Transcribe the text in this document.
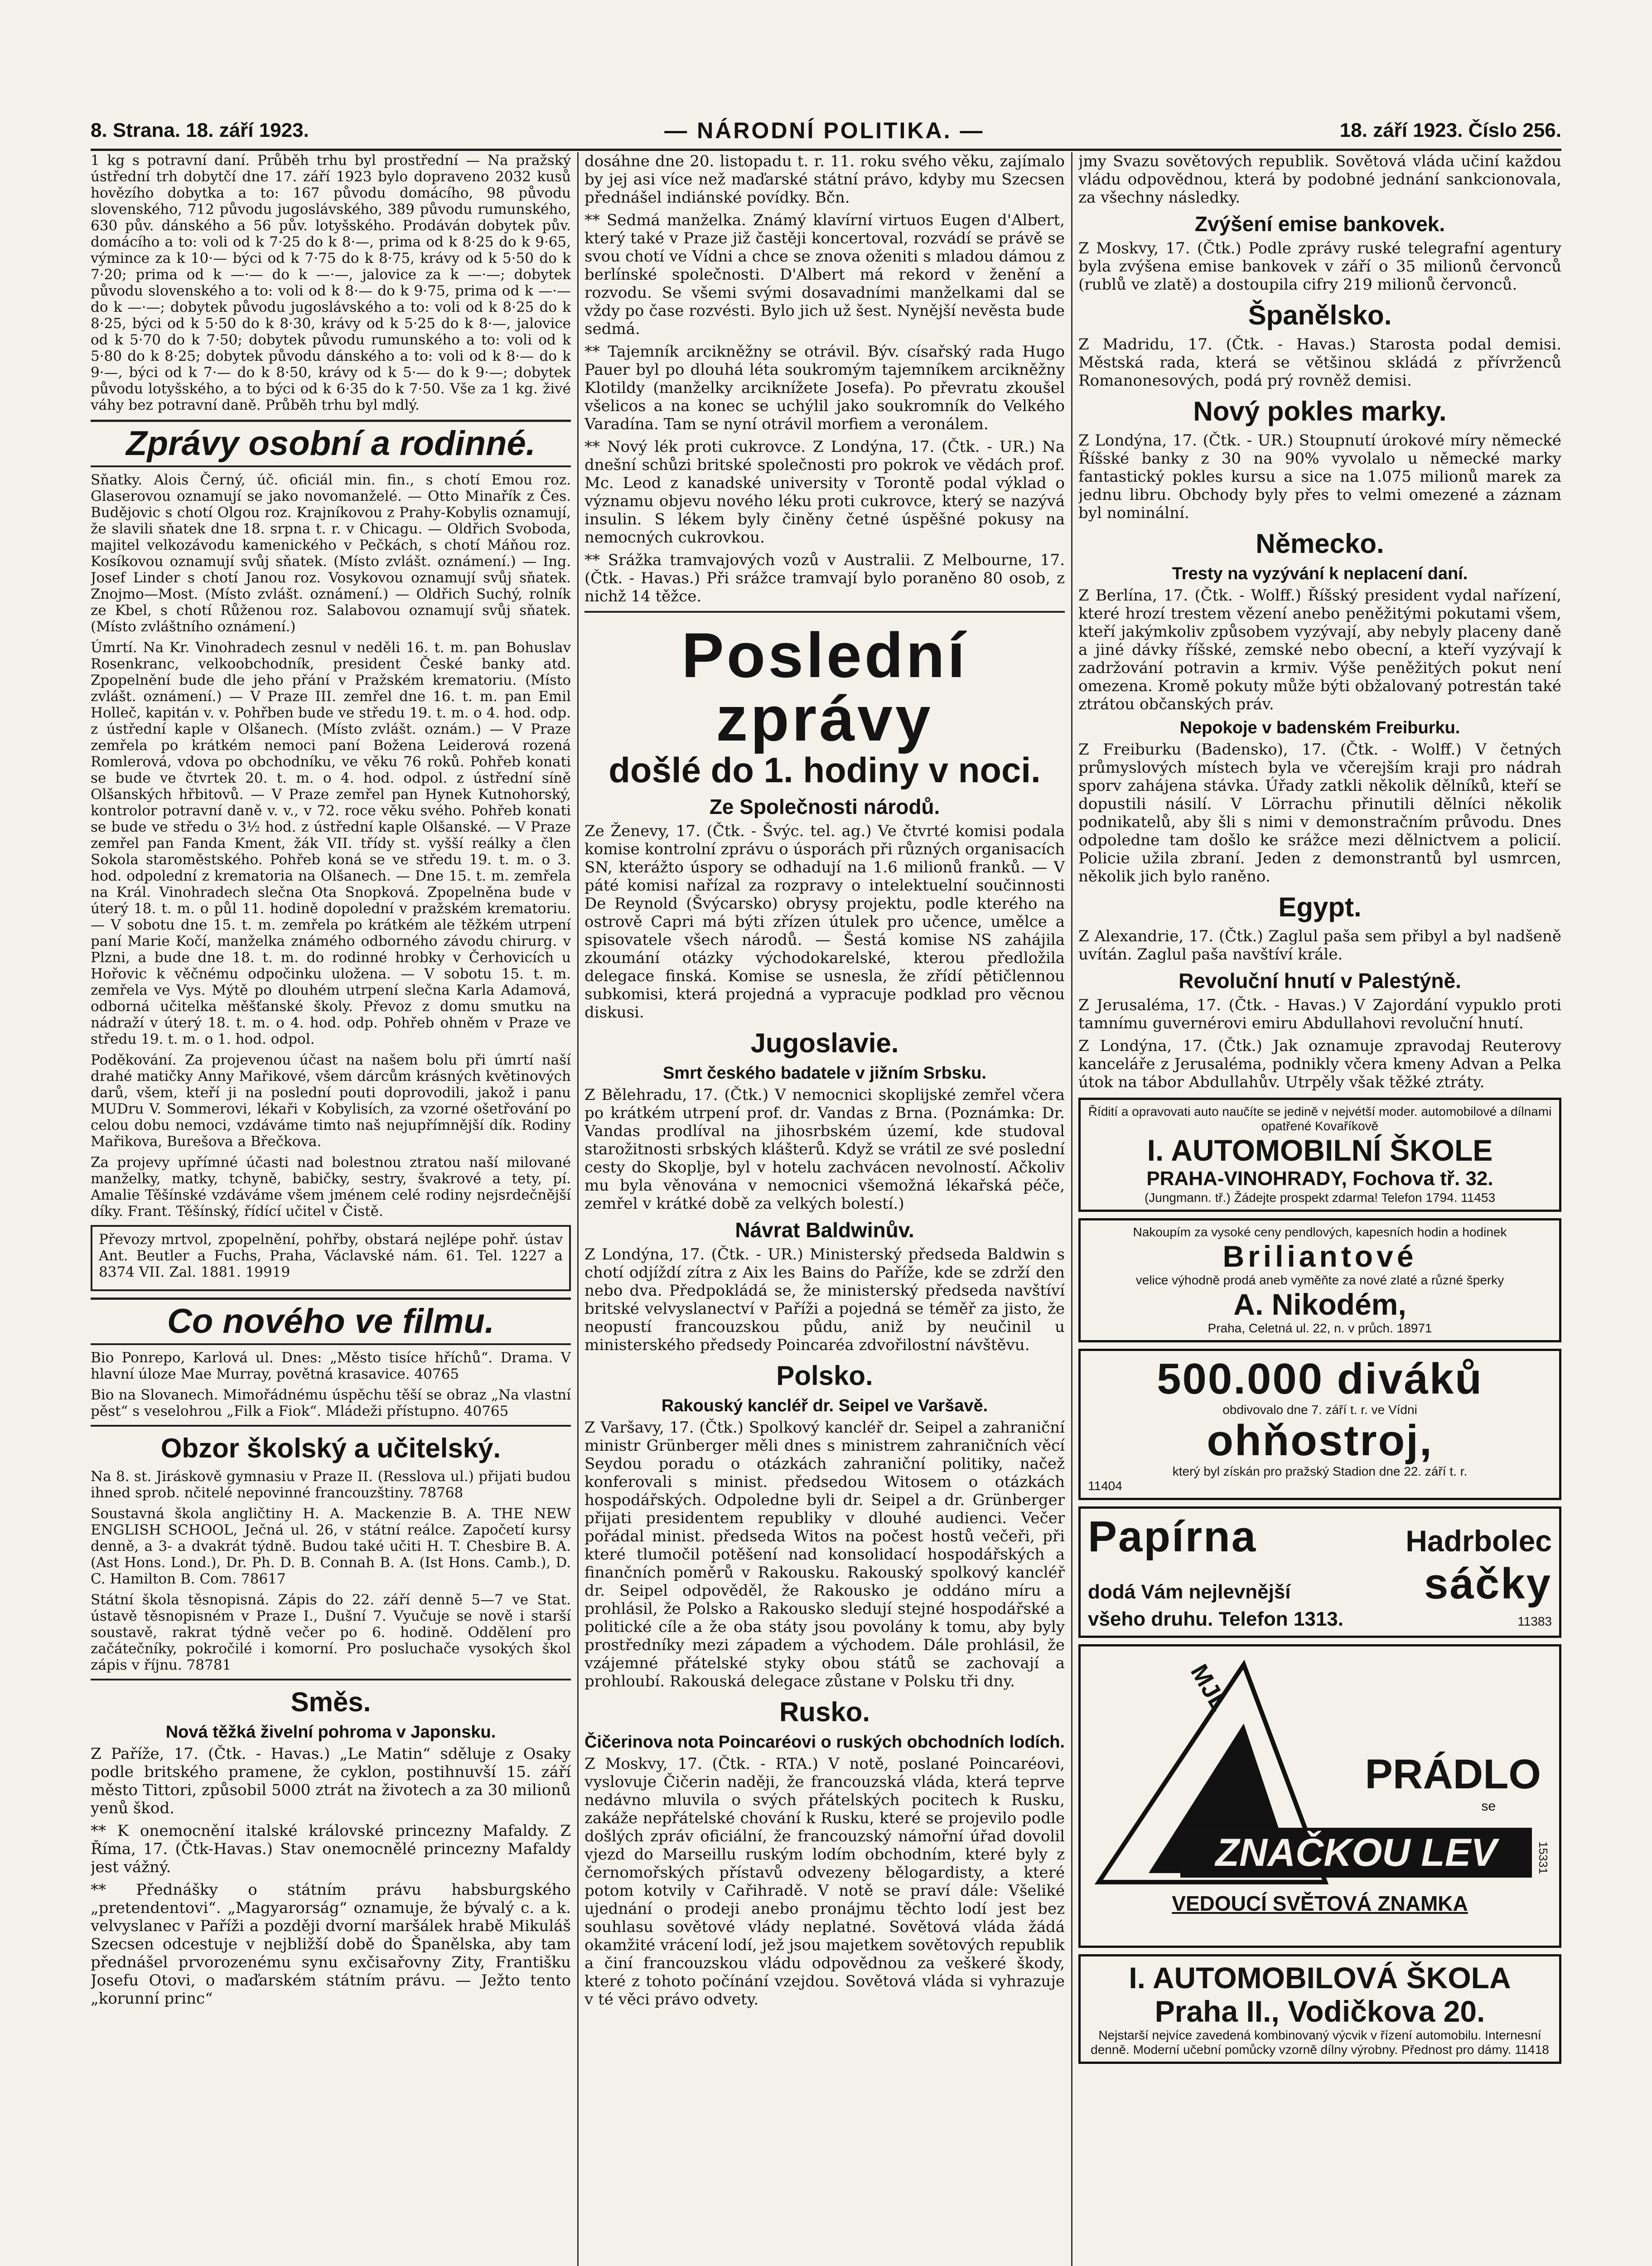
8. Strana. 18. září 1923.	— NÁRODNÍ POLITIKA. —	18. září 1923. Číslo 256.

1 kg s potravní daní. Průběh trhu byl prostřední — Na pražský ústřední trh dobytčí dne 17. září 1923 bylo dopraveno 2032 kusů hovězího dobytka a to: 167 původu domácího, 98 původu slovenského, 712 původu jugoslávského, 389 původu rumunského, 630 pův. dánského a 56 pův. lotyšského. Prodáván dobytek pův. domácího a to: voli od k 7·25 do k 8·—, prima od k 8·25 do k 9·65, výmince za k 10·— býci od k 7·75 do k 8·75, krávy od k 5·50 do k 7·20; prima od k —·— do k —·—, jalovice za k —·—; dobytek původu slovenského a to: voli od k 8·— do k 9·75, prima od k —·— do k —·—; dobytek původu jugoslávského a to: voli od k 8·25 do k 8·25, býci od k 5·50 do k 8·30, krávy od k 5·25 do k 8·—, jalovice od k 5·70 do k 7·50; dobytek původu rumunského a to: voli od k 5·80 do k 8·25; dobytek původu dánského a to: voli od k 8·— do k 9·—, býci od k 7·— do k 8·50, krávy od k 5·— do k 9·—; dobytek původu lotyšského, a to býci od k 6·35 do k 7·50. Vše za 1 kg. živé váhy bez potravní daně. Průběh trhu byl mdlý.

Zprávy osobní a rodinné.

Sňatky. Alois Černý, úč. oficiál min. fin., s chotí Emou roz. Glaserovou oznamují se jako novomanželé. — Otto Minařík z Čes. Budějovic s chotí Olgou roz. Krajníkovou z Prahy-Kobylis oznamují, že slavili sňatek dne 18. srpna t. r. v Chicagu. — Oldřich Svoboda, majitel velkozávodu kamenického v Pečkách, s chotí Máňou roz. Kosíkovou oznamují svůj sňatek. (Místo zvlášt. oznámení.) — Ing. Josef Linder s chotí Janou roz. Vosykovou oznamují svůj sňatek. Znojmo—Most. (Místo zvlášt. oznámení.) — Oldřich Suchý, rolník ze Kbel, s chotí Růženou roz. Salabovou oznamují svůj sňatek. (Místo zvláštního oznámení.)

Úmrtí. Na Kr. Vinohradech zesnul v neděli 16. t. m. pan Bohuslav Rosenkranc, velkoobchodník, president České banky atd. Zpopelnění bude dle jeho přání v Pražském krematoriu. (Místo zvlášt. oznámení.) — V Praze III. zemřel dne 16. t. m. pan Emil Holleč, kapitán v. v. Pohřben bude ve středu 19. t. m. o 4. hod. odp. z ústřední kaple v Olšanech. (Místo zvlášt. oznám.) — V Praze zemřela po krátkém nemoci paní Božena Leiderová rozená Romlerová, vdova po obchodníku, ve věku 76 roků. Pohřeb konati se bude ve čtvrtek 20. t. m. o 4. hod. odpol. z ústřední síně Olšanských hřbitovů. — V Praze zemřel pan Hynek Kutnohorský, kontrolor potravní daně v. v., v 72. roce věku svého. Pohřeb konati se bude ve středu o 3½ hod. z ústřední kaple Olšanské. — V Praze zemřel pan Fanda Kment, žák VII. třídy st. vyšší reálky a člen Sokola staroměstského. Pohřeb koná se ve středu 19. t. m. o 3. hod. odpolední z krematoria na Olšanech. — Dne 15. t. m. zemřela na Král. Vinohradech slečna Ota Snopková. Zpopelněna bude v úterý 18. t. m. o půl 11. hodině dopolední v pražském krematoriu. — V sobotu dne 15. t. m. zemřela po krátkém ale těžkém utrpení paní Marie Kočí, manželka známého odborného závodu chirurg. v Plzni, a bude dne 18. t. m. do rodinné hrobky v Čerhovicích u Hořovic k věčnému odpočinku uložena. — V sobotu 15. t. m. zemřela ve Vys. Mýtě po dlouhém utrpení slečna Karla Adamová, odborná učitelka měšťanské školy. Převoz z domu smutku na nádraží v úterý 18. t. m. o 4. hod. odp. Pohřeb ohněm v Praze ve středu 19. t. m. o 1. hod. odpol.

Poděkování. Za projevenou účast na našem bolu při úmrtí naší drahé matičky Anny Mařikové, všem dárcům krásných květinových darů, všem, kteří ji na poslední pouti doprovodili, jakož i panu MUDru V. Sommerovi, lékaři v Kobylisích, za vzorné ošetřování po celou dobu nemoci, vzdáváme timto naš nejupřímnější dík. Rodiny Mařikova, Burešova a Břečkova.

Za projevy upřímné účasti nad bolestnou ztratou naší milované manželky, matky, tchyně, babičky, sestry, švakrové a tety, pí. Amalie Těšínské vzdáváme všem jménem celé rodiny nejsrdečnější díky. Frant. Těšínský, řídící učitel v Čistě.

Převozy mrtvol, zpopelnění, pohřby, obstará nejlépe pohř. ústav Ant. Beutler a Fuchs, Praha, Václavské nám. 61. Tel. 1227 a 8374 VII. Zal. 1881. 19919

Co nového ve filmu.

Bio Ponrepo, Karlová ul. Dnes: „Město tisíce hříchů“. Drama. V hlavní úloze Mae Murray, povětná krasavice. 40765

Bio na Slovanech. Mimořádnému úspěchu těší se obraz „Na vlastní pěst“ s veselohrou „Filk a Fiok“. Mládeži přístupno. 40765

Obzor školský a učitelský.

Na 8. st. Jiráskově gymnasiu v Praze II. (Resslova ul.) přijati budou ihned sprob. nčitelé nepovinné francouzštiny. 78768

Soustavná škola angličtiny H. A. Mackenzie B. A. THE NEW ENGLISH SCHOOL, Ječná ul. 26, v státní reálce. Započetí kursy denně, a 3- a dvakrát týdně. Budou také učiti H. T. Chesbire B. A. (Ast Hons. Lond.), Dr. Ph. D. B. Connah B. A. (Ist Hons. Camb.), D. C. Hamilton B. Com. 78617

Státní škola těsnopisná. Zápis do 22. září denně 5—7 ve Stat. ústavě těsnopisném v Praze I., Dušní 7. Vyučuje se nově i starší soustavě, rakrat týdně večer po 6. hodině. Oddělení pro začátečníky, pokročilé i komorní. Pro posluchače vysokých škol zápis v říjnu. 78781

Směs.
Nová těžká živelní pohroma v Japonsku.

Z Paříže, 17. (Čtk. - Havas.) „Le Matin“ sděluje z Osaky podle britského pramene, že cyklon, postihnuvší 15. září město Tittori, způsobil 5000 ztrát na životech a za 30 milionů yenů škod.

** K onemocnění italské královské princezny Mafaldy. Z Říma, 17. (Čtk-Havas.) Stav onemocnělé princezny Mafaldy jest vážný.

** Přednášky o státním právu habsburgského „pretendentovi“. „Magyarorság“ oznamuje, že bývalý c. a k. velvyslanec v Paříži a později dvorní maršálek hrabě Mikuláš Szecsen odcestuje v nejbližší době do Španělska, aby tam přednášel prvorozenému synu exčisařovny Zity, Františku Josefu Otovi, o maďarském státním právu. — Ježto tento „korunní princ“

dosáhne dne 20. listopadu t. r. 11. roku svého věku, zajímalo by jej asi více než maďarské státní právo, kdyby mu Szecsen přednášel indiánské povídky. Bčn.

** Sedmá manželka. Známý klavírní virtuos Eugen d'Albert, který také v Praze již častěji koncertoval, rozvádí se právě se svou chotí ve Vídni a chce se znova oženiti s mladou dámou z berlínské společnosti. D'Albert má rekord v ženění a rozvodu. Se všemi svými dosavadními manželkami dal se vždy po čase rozvésti. Bylo jich už šest. Nynější nevěsta bude sedmá.

** Tajemník arcikněžny se otrávil. Býv. císařský rada Hugo Pauer byl po dlouhá léta soukromým tajemníkem arcikněžny Klotildy (manželky arciknížete Josefa). Po převratu zkoušel všelicos a na konec se uchýlil jako soukromník do Velkého Varadína. Tam se nyní otrávil morfiem a veronálem.

** Nový lék proti cukrovce. Z Londýna, 17. (Čtk. - UR.) Na dnešní schůzi britské společnosti pro pokrok ve vědách prof. Mc. Leod z kanadské university v Torontě podal výklad o významu objevu nového léku proti cukrovce, který se nazývá insulin. S lékem byly činěny četné úspěšné pokusy na nemocných cukrovkou.

** Srážka tramvajových vozů v Australii. Z Melbourne, 17. (Čtk. - Havas.) Při srážce tramvají bylo poraněno 80 osob, z nichž 14 těžce.

Poslední zprávy
došlé do 1. hodiny v noci.
Ze Společnosti národů.

Ze Ženevy, 17. (Čtk. - Švýc. tel. ag.) Ve čtvrté komisi podala komise kontrolní zprávu o úsporách při různých organisacích SN, kterážto úspory se odhadují na 1.6 milionů franků. — V páté komisi nařízal za rozpravy o intelektuelní součinnosti De Reynold (Švýcarsko) obrysy projektu, podle kterého na ostrově Capri má býti zřízen útulek pro učence, umělce a spisovatele všech národů. — Šestá komise NS zahájila zkoumání otázky východokarelské, kterou předložila delegace finská. Komise se usnesla, že zřídí pětičlennou subkomisi, která projedná a vypracuje podklad pro věcnou diskusi.

Jugoslavie.
Smrt českého badatele v jižním Srbsku.

Z Bělehradu, 17. (Čtk.) V nemocnici skoplijské zemřel včera po krátkém utrpení prof. dr. Vandas z Brna. (Poznámka: Dr. Vandas prodlíval na jihosrbském území, kde studoval starožitnosti srbských klášterů. Když se vrátil ze své poslední cesty do Skoplje, byl v hotelu zachvácen nevolností. Ačkoliv mu byla věnována v nemocnici všemožná lékařská péče, zemřel v krátké době za velkých bolestí.)

Návrat Baldwinův.

Z Londýna, 17. (Čtk. - UR.) Ministerský předseda Baldwin s chotí odjíždí zítra z Aix les Bains do Paříže, kde se zdrží den nebo dva. Předpokládá se, že ministerský předseda navštíví britské velvyslanectví v Paříži a pojedná se téměř za jisto, že neopustí francouzskou půdu, aniž by neučinil u ministerského předsedy Poincaréa zdvořilostní návštěvu.

Polsko.
Rakouský kancléř dr. Seipel ve Varšavě.

Z Varšavy, 17. (Čtk.) Spolkový kancléř dr. Seipel a zahraniční ministr Grünberger měli dnes s ministrem zahraničních věcí Seydou poradu o otázkách zahraniční politiky, načež konferovali s minist. předsedou Witosem o otázkách hospodářských. Odpoledne byli dr. Seipel a dr. Grünberger přijati presidentem republiky v dlouhé audienci. Večer pořádal minist. předseda Witos na počest hostů večeři, při které tlumočil potěšení nad konsolidací hospodářských a finančních poměrů v Rakousku. Rakouský spolkový kancléř dr. Seipel odpověděl, že Rakousko je oddáno míru a prohlásil, že Polsko a Rakousko sledují stejné hospodářské a politické cíle a že oba státy jsou povolány k tomu, aby byly prostředníky mezi západem a východem. Dále prohlásil, že vzájemné přátelské styky obou států se zachovají a prohloubí. Rakouská delegace zůstane v Polsku tři dny.

Rusko.
Čičerinova nota Poincaréovi o ruských obchodních lodích.

Z Moskvy, 17. (Čtk. - RTA.) V notě, poslané Poincaréovi, vyslovuje Čičerin naději, že francouzská vláda, která teprve nedávno mluvila o svých přátelských pocitech k Rusku, zakáže nepřátelské chování k Rusku, které se projevilo podle došlých zpráv oficiální, že francouzský námořní úřad dovolil vjezd do Marseillu ruským lodím obchodním, které byly z černomořských přístavů odvezeny bělogardisty, a které potom kotvily v Cařihradě. V notě se praví dále: Všeliké ujednání o prodeji anebo pronájmu těchto lodí jest bez souhlasu sovětové vlády neplatné. Sovětová vláda žádá okamžité vrácení lodí, jež jsou majetkem sovětových republik a činí francouzskou vládu odpovědnou za veškeré škody, které z tohoto počínání vzejdou. Sovětová vláda si vyhrazuje v té věci právo odvety.

jmy Svazu sovětových republik. Sovětová vláda učiní každou vládu odpovědnou, která by podobné jednání sankcionovala, za všechny následky.

Zvýšení emise bankovek.

Z Moskvy, 17. (Čtk.) Podle zprávy ruské telegrafní agentury byla zvýšena emise bankovek v září o 35 milionů červonců (rublů ve zlatě) a dostoupila cifry 219 milionů červonců.

Španělsko.

Z Madridu, 17. (Čtk. - Havas.) Starosta podal demisi. Městská rada, která se většinou skládá z přívrženců Romanonesových, podá prý rovněž demisi.

Nový pokles marky.

Z Londýna, 17. (Čtk. - UR.) Stoupnutí úrokové míry německé Říšské banky z 30 na 90% vyvolalo u německé marky fantastický pokles kursu a sice na 1.075 milionů marek za jednu libru. Obchody byly přes to velmi omezené a záznam byl nominální.

Německo.
Tresty na vyzývání k neplacení daní.

Z Berlína, 17. (Čtk. - Wolff.) Říšský president vydal nařízení, které hrozí trestem vězení anebo peněžitými pokutami všem, kteří jakýmkoliv způsobem vyzývají, aby nebyly placeny daně a jiné dávky říšské, zemské nebo obecní, a kteří vyzývají k zadržování potravin a krmiv. Výše peněžitých pokut není omezena. Kromě pokuty může býti obžalovaný potrestán také ztrátou občanských práv.

Nepokoje v badenském Freiburku.

Z Freiburku (Badensko), 17. (Čtk. - Wolff.) V četných průmyslových místech byla ve včerejším kraji pro nádrah sporv zahájena stávka. Úřady zatkli několik dělníků, kteří se dopustili násilí. V Lörrachu přinutili dělníci několik podnikatelů, aby šli s nimi v demonstračním průvodu. Dnes odpoledne tam došlo ke srážce mezi dělnictvem a policií. Policie užila zbraní. Jeden z demonstrantů byl usmrcen, několik jich bylo raněno.

Egypt.

Z Alexandrie, 17. (Čtk.) Zaglul paša sem přibyl a byl nadšeně uvítán. Zaglul paša navštíví krále.

Revoluční hnutí v Palestýně.

Z Jerusaléma, 17. (Čtk. - Havas.) V Zajordání vypuklo proti tamnímu guvernérovi emiru Abdullahovi revoluční hnutí.

Z Londýna, 17. (Čtk.) Jak oznamuje zpravodaj Reuterovy kanceláře z Jerusaléma, podnikly včera kmeny Advan a Pelka útok na tábor Abdullahův. Utrpěly však těžké ztráty.

Řídití a opravovati auto naučíte se jedině v nejvétší moder. automobilové a dílnami opatřené Kovaříkově
I. AUTOMOBILNÍ ŠKOLE
PRAHA-VINOHRADY, Fochova tř. 32.
(Jungmann. tř.) Žádejte prospekt zdarma! Telefon 1794. 11453
Nakoupím za vysoké ceny pendlových, kapesních hodin a hodinek
Briliantové
velice výhodně prodá aneb vyměňte za nové zlaté a různé šperky
A. Nikodém,
Praha, Celetná ul. 22, n. v průch. 18971
500.000 diváků
obdivovalo dne 7. září t. r. ve Vídni
ohňostroj,
který byl získán pro pražský Stadion dne 22. září t. r.
11404
Papírna	Hadrbolec
dodá Vám nejlevnější	sáčky
všeho druhu. Telefon 1313.	11383
MJL
PRÁDLO
se
ZNAČKOU LEV	15331
VEDOUCÍ SVĚTOVÁ ZNAMKA
I. AUTOMOBILOVÁ ŠKOLA
Praha II., Vodičkova 20.
Nejstarší nejvíce zavedená kombinovaný výcvik v řízení automobilu. Internesní denně. Moderní učební pomůcky vzorně dílny výrobny. Přednost pro dámy. 11418
